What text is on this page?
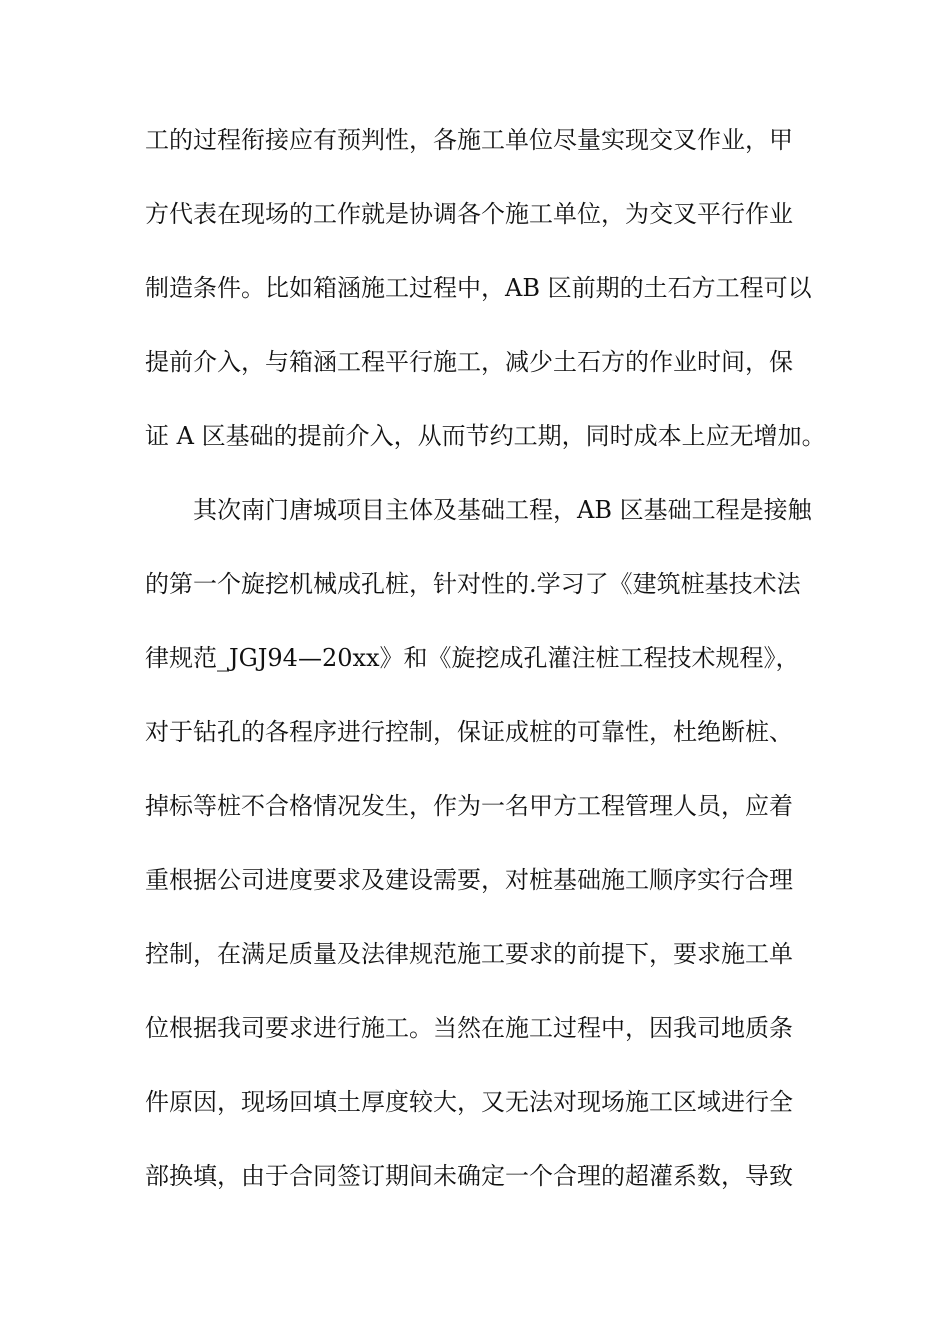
工的过程衔接应有预判性，各施工单位尽量实现交叉作业，甲
方代表在现场的工作就是协调各个施工单位，为交叉平行作业
制造条件。比如箱涵施工过程中，AB 区前期的土石方工程可以
提前介入，与箱涵工程平行施工，减少土石方的作业时间，保
证 A 区基础的提前介入，从而节约工期，同时成本上应无增加。
其次南门唐城项目主体及基础工程，AB 区基础工程是接触
的第一个旋挖机械成孔桩，针对性的.学习了《建筑桩基技术法
律规范_JGJ94—20xx》和《旋挖成孔灌注桩工程技术规程》，
对于钻孔的各程序进行控制，保证成桩的可靠性，杜绝断桩、
掉标等桩不合格情况发生，作为一名甲方工程管理人员，应着
重根据公司进度要求及建设需要，对桩基础施工顺序实行合理
控制，在满足质量及法律规范施工要求的前提下，要求施工单
位根据我司要求进行施工。当然在施工过程中，因我司地质条
件原因，现场回填土厚度较大，又无法对现场施工区域进行全
部换填，由于合同签订期间未确定一个合理的超灌系数，导致
